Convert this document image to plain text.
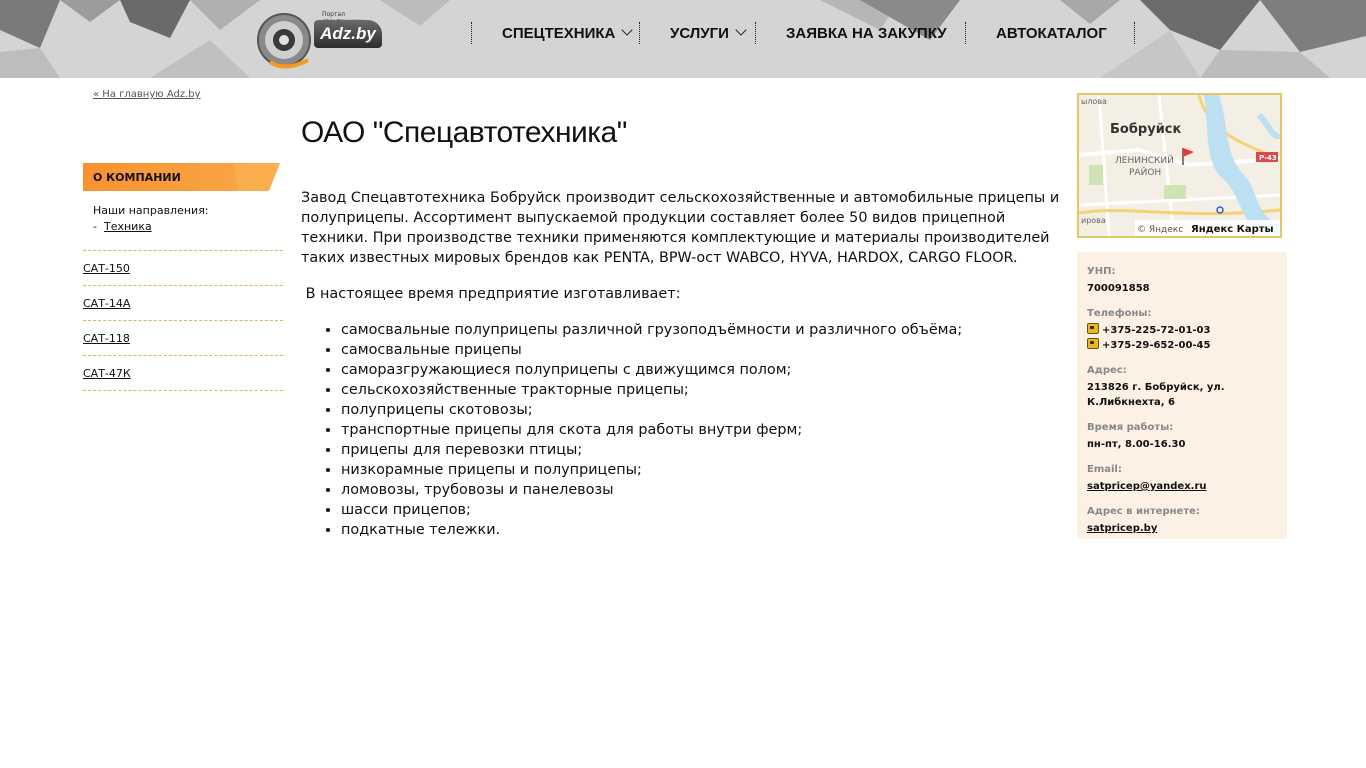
Портал
Adz.by	СПЕЦТЕХНИКА	УСЛУГИ	ЗАЯВКА НА ЗАКУПКУ	АВТОКАТАЛОГ
« На главную Adz.by
О КОМПАНИИ
Наши направления:
- Техника
САТ-150
САТ-14А
САТ-118
САТ-47К
ОАО "Спецавтотехника"

Завод Спецавтотехника Бобруйск производит сельскохозяйственные и автомобильные прицепы и полуприцепы. Ассортимент выпускаемой продукции составляет более 50 видов прицепной техники. При производстве техники применяются комплектующие и материалы производителей таких известных мировых брендов как PENTA, BPW-ост WABCO, HYVA, HARDOX, CARGO FLOOR.

В настоящее время предприятие изготавливает:

• самосвальные полуприцепы различной грузоподъёмности и различного объёма;
• самосвальные прицепы
• саморазгружающиеся полуприцепы с движущимся полом;
• сельскохозяйственные тракторные прицепы;
• полуприцепы скотовозы;
• транспортные прицепы для скота для работы внутри ферм;
• прицепы для перевозки птицы;
• низкорамные прицепы и полуприцепы;
• ломовозы, трубовозы и панелевозы
• шасси прицепов;
• подкатные тележки.
Р-43
Бобруйск
ЛЕНИНСКИЙ РАЙОН
ылова
ирова
© Яндекс Яндекс Карты

УНП:

700091858

Телефоны:

+375-225-72-01-03

+375-29-652-00-45

Адрес:

213826 г. Бобруйск, ул. К.Либкнехта, 6

Время работы:

пн-пт, 8.00-16.30

Email:

satpricep@yandex.ru

Адрес в интернете:

satpricep.by
